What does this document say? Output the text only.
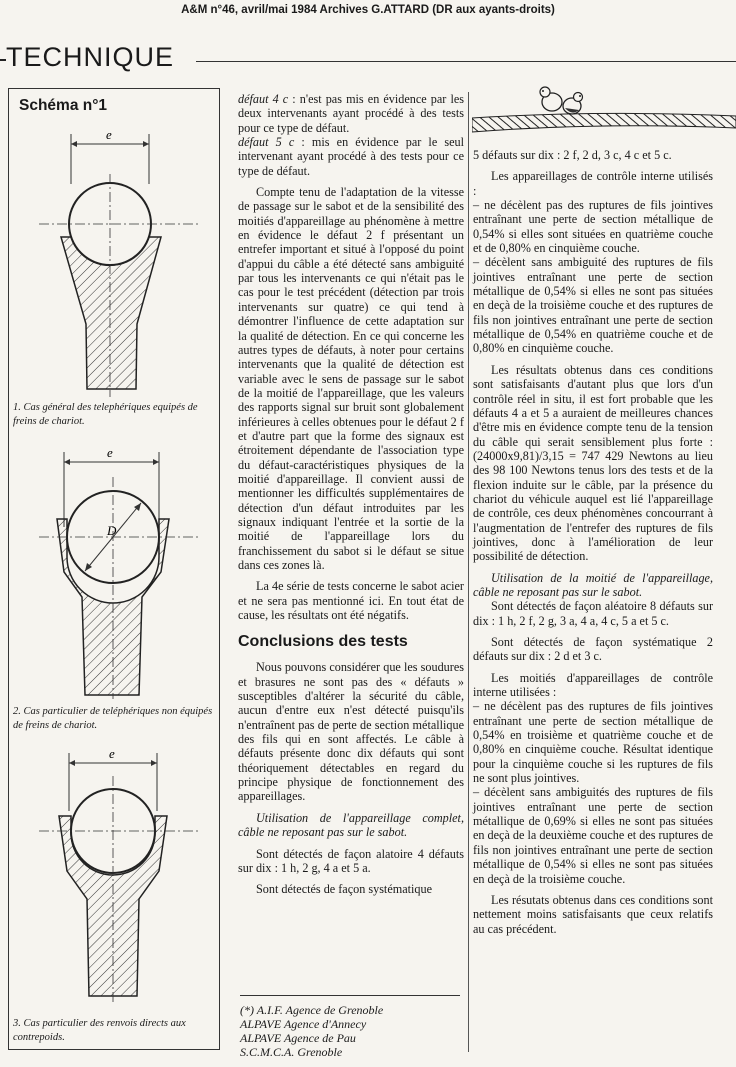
A&M n°46, avril/mai 1984 Archives G.ATTARD (DR aux ayants-droits)
TECHNIQUE
Schéma n°1
e
1. Cas général des telephériques equipés de freins de chariot.
e
D
2. Cas particulier de teléphériques non équipés de freins de chariot.
e
3. Cas particulier des renvois directs aux contrepoids.

défaut 4 c : n'est pas mis en évidence par les deux intervenants ayant procédé à des tests pour ce type de défaut.

défaut 5 c : mis en évidence par le seul intervenant ayant procédé à des tests pour ce type de défaut.

Compte tenu de l'adaptation de la vitesse de passage sur le sabot et de la sensibilité des moitiés d'appareillage au phénomène à mettre en évidence le défaut 2 f présentant un entrefer important et situé à l'opposé du point d'appui du câble a été détecté sans ambiguité par tous les intervenants ce qui n'était pas le cas pour le test précédent (détection par trois intervenants sur quatre) ce qui tend à démontrer l'influence de cette adaptation sur la qualité de détection. En ce qui concerne les autres types de défauts, à noter pour certains intervenants que la qualité de détection est variable avec le sens de passage sur le sabot de la moitié de l'appareillage, que les valeurs des rapports signal sur bruit sont globalement inférieures à celles obtenues pour le défaut 2 f et d'autre part que la forme des signaux est étroitement dépendante de l'association type du défaut-caractéristiques physiques de la moitié d'appareillage. Il convient aussi de mentionner les difficultés supplémentaires de détection d'un défaut introduites par les signaux indiquant l'entrée et la sortie de la moitié de l'appareillage lors du franchissement du sabot si le défaut se situe dans ces zones là.

La 4e série de tests concerne le sabot acier et ne sera pas mentionné ici. En tout état de cause, les résultats ont été négatifs.

Conclusions des tests

Nous pouvons considérer que les soudures et brasures ne sont pas des « défauts » susceptibles d'altérer la sécurité du câble, aucun d'entre eux n'est détecté puisqu'ils n'entraînent pas de perte de section métallique des fils qui en sont affectés. Le câble à défauts présente donc dix défauts qui sont théoriquement détectables en regard du principe physique de fonctionnement des appareillages.

Utilisation de l'appareillage complet, câble ne reposant pas sur le sabot.

Sont détectés de façon alatoire 4 défauts sur dix : 1 h, 2 g, 4 a et 5 a.

Sont détectés de façon systématique

(*) A.I.F. Agence de Grenoble
ALPAVE Agence d'Annecy
ALPAVE Agence de Pau
S.C.M.C.A. Grenoble

5 défauts sur dix : 2 f, 2 d, 3 c, 4 c et 5 c.

Les appareillages de contrôle interne utilisés :

– ne décèlent pas des ruptures de fils jointives entraînant une perte de section métallique de 0,54% si elles sont situées en quatrième couche et de 0,80% en cinquième couche.

– décèlent sans ambiguité des ruptures de fils jointives entraînant une perte de section métallique de 0,54% si elles ne sont pas situées en deçà de la troisième couche et des ruptures de fils non jointives entraînant une perte de section métallique de 0,54% en quatrième couche et de 0,80% en cinquième couche.

Les résultats obtenus dans ces conditions sont satisfaisants d'autant plus que lors d'un contrôle réel in situ, il est fort probable que les défauts 4 a et 5 a auraient de meilleures chances d'être mis en évidence compte tenu de la tension du câble qui serait sensiblement plus forte : (24000x9,81)/3,15 = 747 429 Newtons au lieu des 98 100 Newtons tenus lors des tests et de la flexion induite sur le câble, par la présence du chariot du véhicule auquel est lié l'appareillage de contrôle, ces deux phénomènes concourrant à l'augmentation de l'entrefer des ruptures de fils jointives, donc à l'amélioration de leur possibilité de détection.

Utilisation de la moitié de l'appareillage, câble ne reposant pas sur le sabot.

Sont détectés de façon aléatoire 8 défauts sur dix : 1 h, 2 f, 2 g, 3 a, 4 a, 4 c, 5 a et 5 c.

Sont détectés de façon systématique 2 défauts sur dix : 2 d et 3 c.

Les moitiés d'appareillages de contrôle interne utilisées :

– ne décèlent pas des ruptures de fils jointives entraînant une perte de section métallique de 0,54% en troisième et quatrième couche et de 0,80% en cinquième couche. Résultat identique pour la cinquième couche si les ruptures de fils ne sont plus jointives.

– décèlent sans ambiguités des ruptures de fils jointives entraînant une perte de section métallique de 0,69% si elles ne sont pas situées en deçà de la deuxième couche et des ruptures de fils non jointives entraînant une perte de section métallique de 0,54% si elles ne sont pas situées en deçà de la troisième couche.

Les résutats obtenus dans ces conditions sont nettement moins satisfaisants que ceux relatifs au cas précédent.
